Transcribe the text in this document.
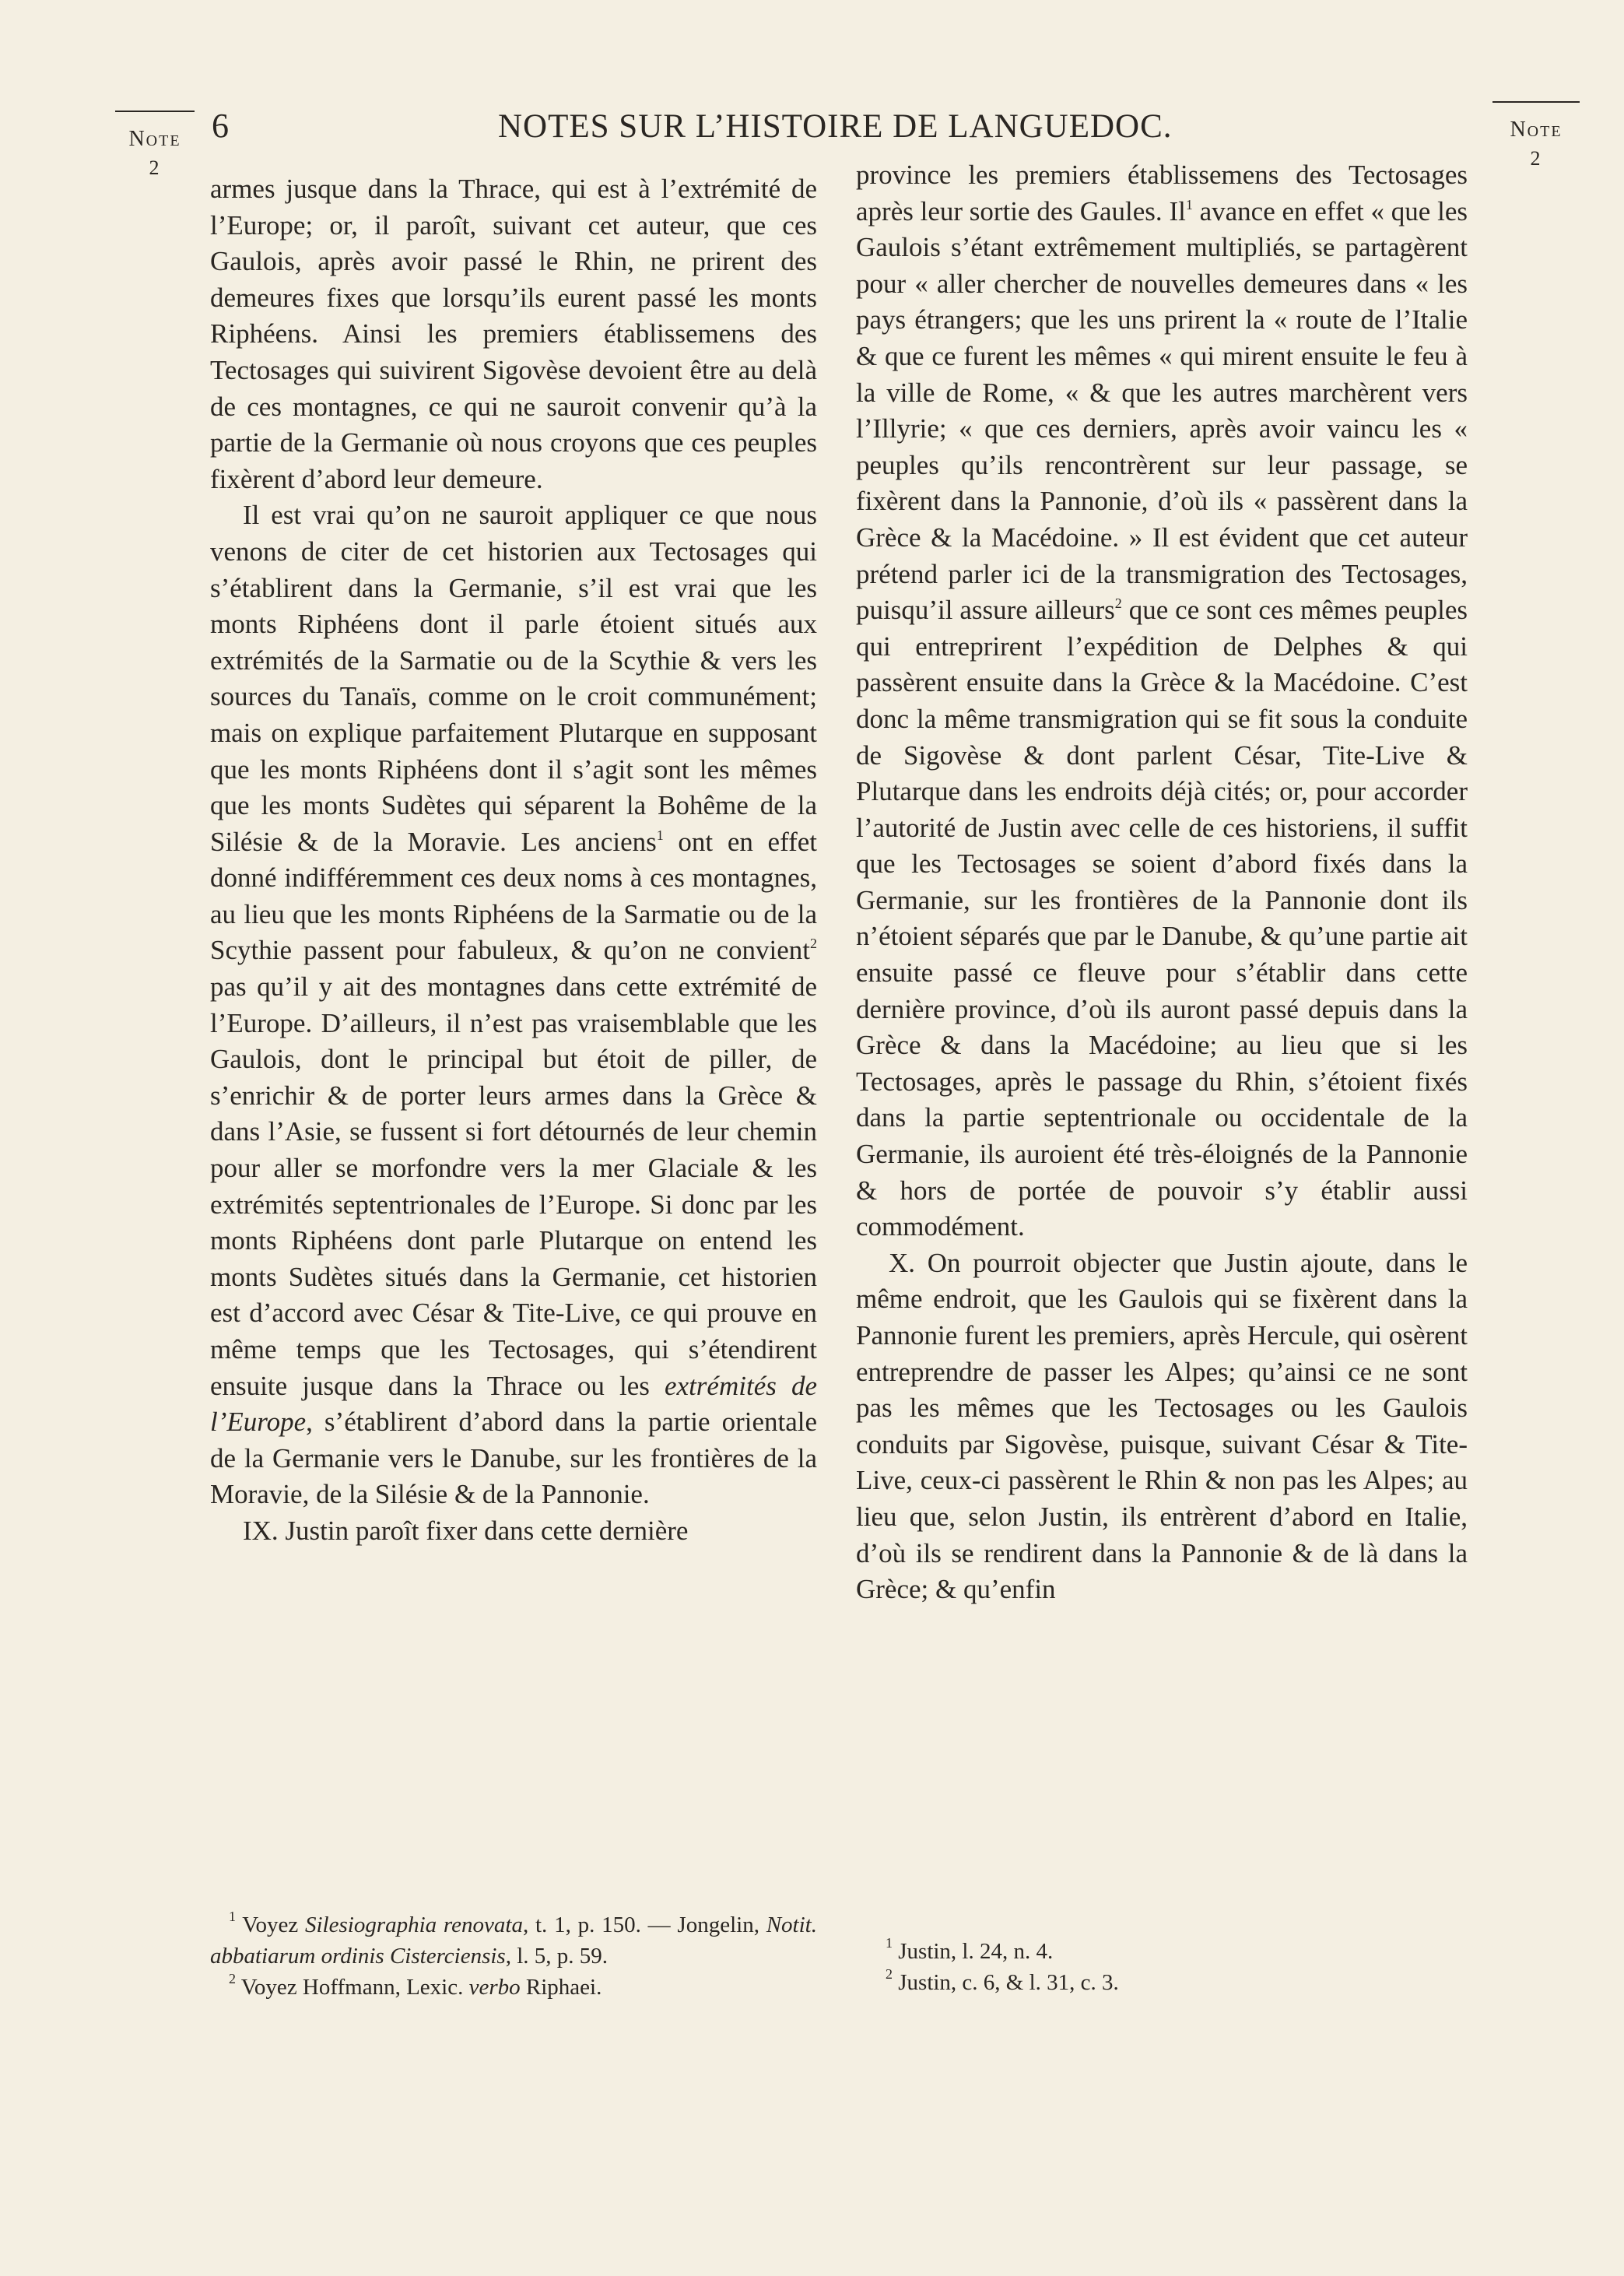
Note
2
Note
2
6	NOTES SUR L’HISTOIRE DE LANGUEDOC.

armes jusque dans la Thrace, qui est à l’extrémité de l’Europe; or, il paroît, suivant cet auteur, que ces Gaulois, après avoir passé le Rhin, ne prirent des demeures fixes que lorsqu’ils eurent passé les monts Riphéens. Ainsi les premiers établissemens des Tectosages qui suivirent Sigovèse devoient être au delà de ces montagnes, ce qui ne sauroit convenir qu’à la partie de la Germanie où nous croyons que ces peuples fixèrent d’abord leur demeure.

Il est vrai qu’on ne sauroit appliquer ce que nous venons de citer de cet historien aux Tectosages qui s’établirent dans la Germanie, s’il est vrai que les monts Riphéens dont il parle étoient situés aux extrémités de la Sarmatie ou de la Scythie & vers les sources du Tanaïs, comme on le croit communément; mais on explique parfaitement Plutarque en supposant que les monts Riphéens dont il s’agit sont les mêmes que les monts Sudètes qui séparent la Bohême de la Silésie & de la Moravie. Les anciens$^1$ ont en effet donné indifféremment ces deux noms à ces montagnes, au lieu que les monts Riphéens de la Sarmatie ou de la Scythie passent pour fabuleux, & qu’on ne convient$^2$ pas qu’il y ait des montagnes dans cette extrémité de l’Europe. D’ailleurs, il n’est pas vraisemblable que les Gaulois, dont le principal but étoit de piller, de s’enrichir & de porter leurs armes dans la Grèce & dans l’Asie, se fussent si fort détournés de leur chemin pour aller se morfondre vers la mer Glaciale & les extrémités septentrionales de l’Europe. Si donc par les monts Riphéens dont parle Plutarque on entend les monts Sudètes situés dans la Germanie, cet historien est d’accord avec César & Tite-Live, ce qui prouve en même temps que les Tectosages, qui s’étendirent ensuite jusque dans la Thrace ou les extrémités de l’Europe, s’établirent d’abord dans la partie orientale de la Germanie vers le Danube, sur les frontières de la Moravie, de la Silésie & de la Pannonie.

IX. Justin paroît fixer dans cette dernière

province les premiers établissemens des Tectosages après leur sortie des Gaules. Il$^1$ avance en effet « que les Gaulois s’étant extrêmement multipliés, se partagèrent pour « aller chercher de nouvelles demeures dans « les pays étrangers; que les uns prirent la « route de l’Italie & que ce furent les mêmes « qui mirent ensuite le feu à la ville de Rome, « & que les autres marchèrent vers l’Illyrie; « que ces derniers, après avoir vaincu les « peuples qu’ils rencontrèrent sur leur passage, se fixèrent dans la Pannonie, d’où ils « passèrent dans la Grèce & la Macédoine. » Il est évident que cet auteur prétend parler ici de la transmigration des Tectosages, puisqu’il assure ailleurs$^2$ que ce sont ces mêmes peuples qui entreprirent l’expédition de Delphes & qui passèrent ensuite dans la Grèce & la Macédoine. C’est donc la même transmigration qui se fit sous la conduite de Sigovèse & dont parlent César, Tite-Live & Plutarque dans les endroits déjà cités; or, pour accorder l’autorité de Justin avec celle de ces historiens, il suffit que les Tectosages se soient d’abord fixés dans la Germanie, sur les frontières de la Pannonie dont ils n’étoient séparés que par le Danube, & qu’une partie ait ensuite passé ce fleuve pour s’établir dans cette dernière province, d’où ils auront passé depuis dans la Grèce & dans la Macédoine; au lieu que si les Tectosages, après le passage du Rhin, s’étoient fixés dans la partie septentrionale ou occidentale de la Germanie, ils auroient été très-éloignés de la Pannonie & hors de portée de pouvoir s’y établir aussi commodément.

X. On pourroit objecter que Justin ajoute, dans le même endroit, que les Gaulois qui se fixèrent dans la Pannonie furent les premiers, après Hercule, qui osèrent entreprendre de passer les Alpes; qu’ainsi ce ne sont pas les mêmes que les Tectosages ou les Gaulois conduits par Sigovèse, puisque, suivant César & Tite-Live, ceux-ci passèrent le Rhin & non pas les Alpes; au lieu que, selon Justin, ils entrèrent d’abord en Italie, d’où ils se rendirent dans la Pannonie & de là dans la Grèce; & qu’enfin

$^1$ Voyez Silesiographia renovata, t. 1, p. 150. — Jongelin, Notit. abbatiarum ordinis Cisterciensis, l. 5, p. 59.

$^2$ Voyez Hoffmann, Lexic. verbo Riphaei.

$^1$ Justin, l. 24, n. 4.

$^2$ Justin, c. 6, & l. 31, c. 3.
